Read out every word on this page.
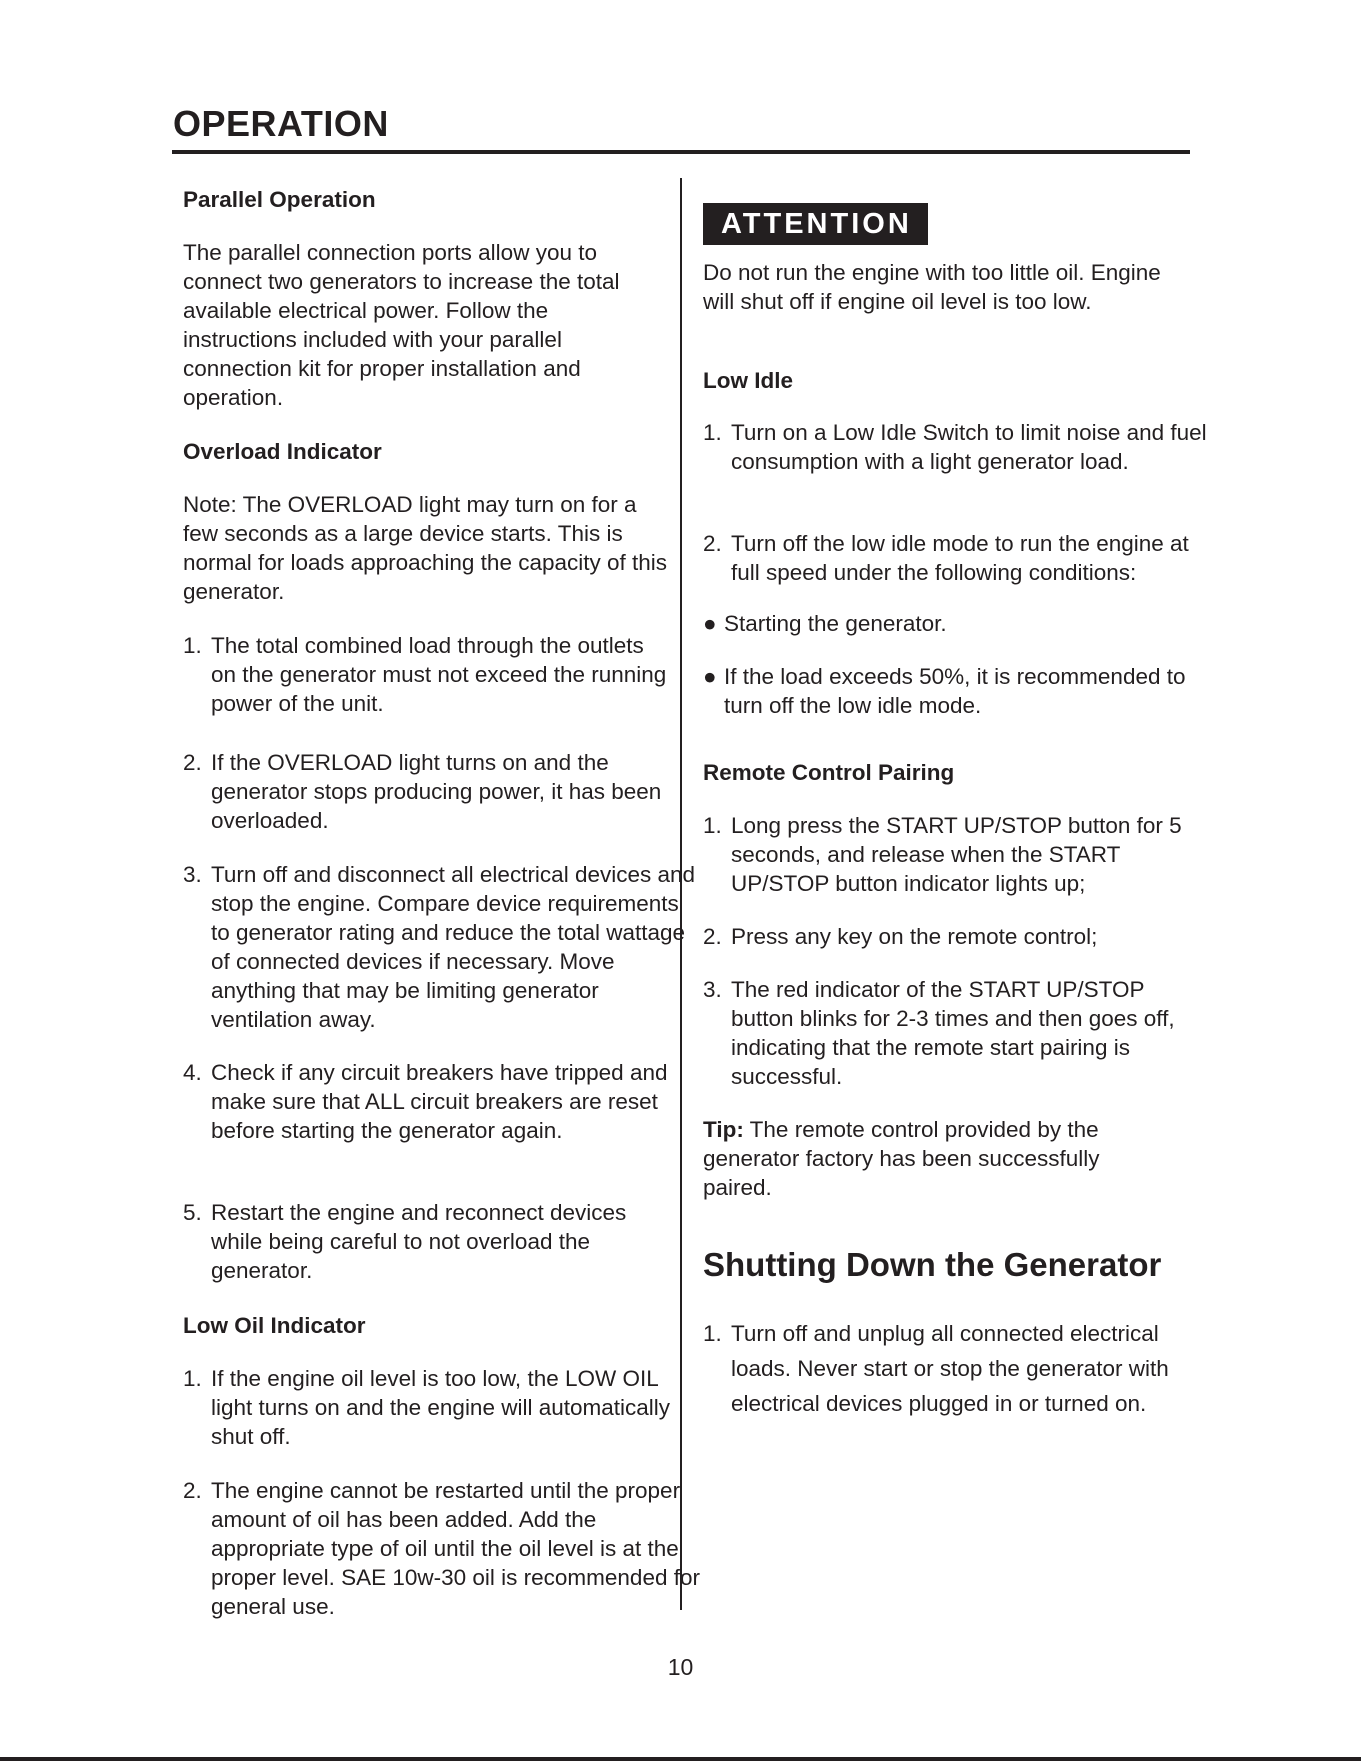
OPERATION
Parallel Operation

The parallel connection ports allow you to connect two generators to increase the total available electrical power. Follow the instructions included with your parallel connection kit for proper installation and operation.

Overload Indicator

Note: The OVERLOAD light may turn on for a few seconds as a large device starts. This is normal for loads approaching the capacity of this generator.

1. The total combined load through the outlets on the generator must not exceed the running power of the unit.

2. If the OVERLOAD light turns on and the generator stops producing power, it has been overloaded.

3. Turn off and disconnect all electrical devices and stop the engine. Compare device requirements to generator rating and reduce the total wattage of connected devices if necessary. Move anything that may be limiting generator ventilation away.

4. Check if any circuit breakers have tripped and make sure that ALL circuit breakers are reset before starting the generator again.

5. Restart the engine and reconnect devices while being careful to not overload the generator.

Low Oil Indicator

1. If the engine oil level is too low, the LOW OIL light turns on and the engine will automatically shut off.

2. The engine cannot be restarted until the proper amount of oil has been added. Add the appropriate type of oil until the oil level is at the proper level. SAE 10w-30 oil is recommended for general use.

ATTENTION

Do not run the engine with too little oil. Engine will shut off if engine oil level is too low.

Low Idle

1. Turn on a Low Idle Switch to limit noise and fuel consumption with a light generator load.

2. Turn off the low idle mode to run the engine at full speed under the following conditions:

● Starting the generator.

● If the load exceeds 50%, it is recommended to turn off the low idle mode.

Remote Control Pairing

1. Long press the START UP/STOP button for 5 seconds, and release when the START UP/STOP button indicator lights up;

2. Press any key on the remote control;

3. The red indicator of the START UP/STOP button blinks for 2-3 times and then goes off, indicating that the remote start pairing is successful.

Tip: The remote control provided by the generator factory has been successfully paired.

Shutting Down the Generator

1. Turn off and unplug all connected electrical loads. Never start or stop the generator with electrical devices plugged in or turned on.

10
